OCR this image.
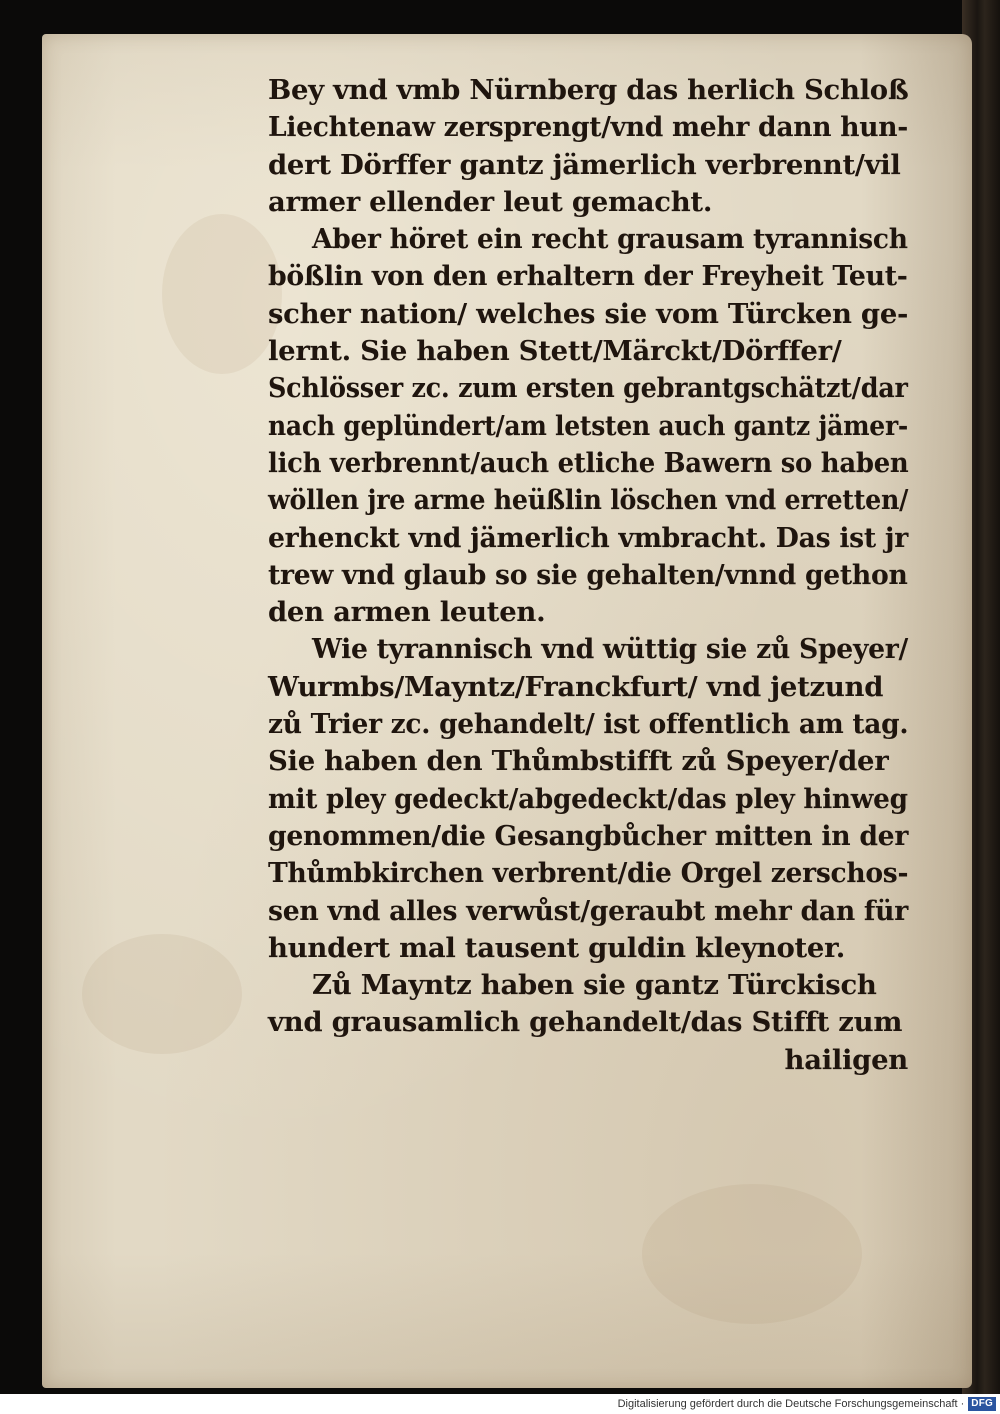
Bey vnd vmb Nürnberg das herlich Schloß
Liechtenaw zersprengt/vnd mehr dann hun-
dert Dörffer gantz jämerlich verbrennt/vil
armer ellender leut gemacht.
Aber höret ein recht grausam tyrannisch
bößlin von den erhaltern der Freyheit Teut-
scher nation/ welches sie vom Türcken ge-
lernt. Sie haben Stett/Märckt/Dörffer/
Schlösser zc. zum ersten gebrantgschätzt/dar
nach geplündert/am letsten auch gantz jämer-
lich verbrennt/auch etliche Bawern so haben
wöllen jre arme heüßlin löschen vnd erretten/
erhenckt vnd jämerlich vmbracht. Das ist jr
trew vnd glaub so sie gehalten/vnnd gethon
den armen leuten.
Wie tyrannisch vnd wüttig sie zů Speyer/
Wurmbs/Mayntz/Franckfurt/ vnd jetzund
zů Trier zc. gehandelt/ ist offentlich am tag.
Sie haben den Thůmbstifft zů Speyer/der
mit pley gedeckt/abgedeckt/das pley hinweg
genommen/die Gesangbůcher mitten in der
Thůmbkirchen verbrent/die Orgel zerschos-
sen vnd alles verwůst/geraubt mehr dan für
hundert mal tausent guldin kleynoter.
Zů Mayntz haben sie gantz Türckisch
vnd grausamlich gehandelt/das Stifft zum
hailigen
Digitalisierung gefördert durch die Deutsche Forschungsgemeinschaft · DFG
